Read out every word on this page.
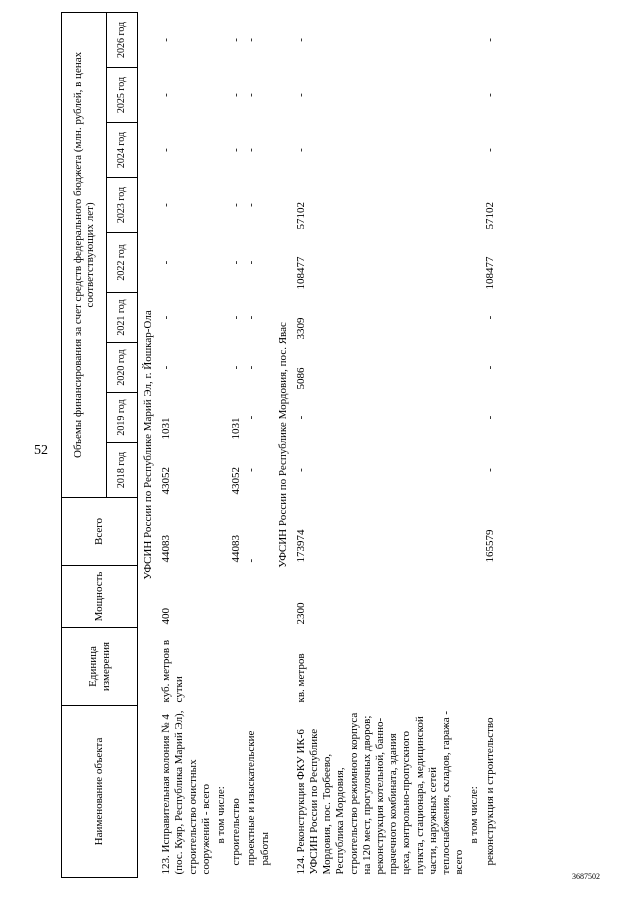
52
3687502
Наименование объекта	Единица измерения	Мощность	Всего	Объемы финансирования за счет средств федерального бюджета (млн. рублей, в ценах соответствующих лет)								
				2018 год	2019 год	2020 год	2021 год	2022 год	2023 год	2024 год	2025 год	2026 год
УФСИН России по Республике Марий Эл, г. Йошкар-Ола												
123. Исправительная колония № 4 (пос. Куяр, Республика Марий Эл), строительство очистных сооружений - всего	куб. метров в сутки	400	44083	43052	1031	-	-	-	-	-	-	-
в том числе:												
строительство			44083	43052	1031	-	-	-	-	-	-	-
проектные и изыскательские работы			-	-	-	-	-	-	-	-	-	-
УФСИН России по Республике Мордовия, пос. Явас												
124. Реконструкция ФКУ ИК-6 УФСИН России по Республике Мордовия, пос. Торбеево, Республика Мордовия, строительство режимного корпуса на 120 мест, прогулочных дворов; реконструкция котельной, банно-прачечного комбината, здания цеха, контрольно-пропускного пункта, стационара, медицинской части, наружных сетей теплоснабжения, складов, гаража - всего	кв. метров	2300	173974	-	-	5086	3309	108477	57102	-	-	-
в том числе:												
реконструкция и строительство			165579	-	-	-	-	108477	57102	-	-	-
